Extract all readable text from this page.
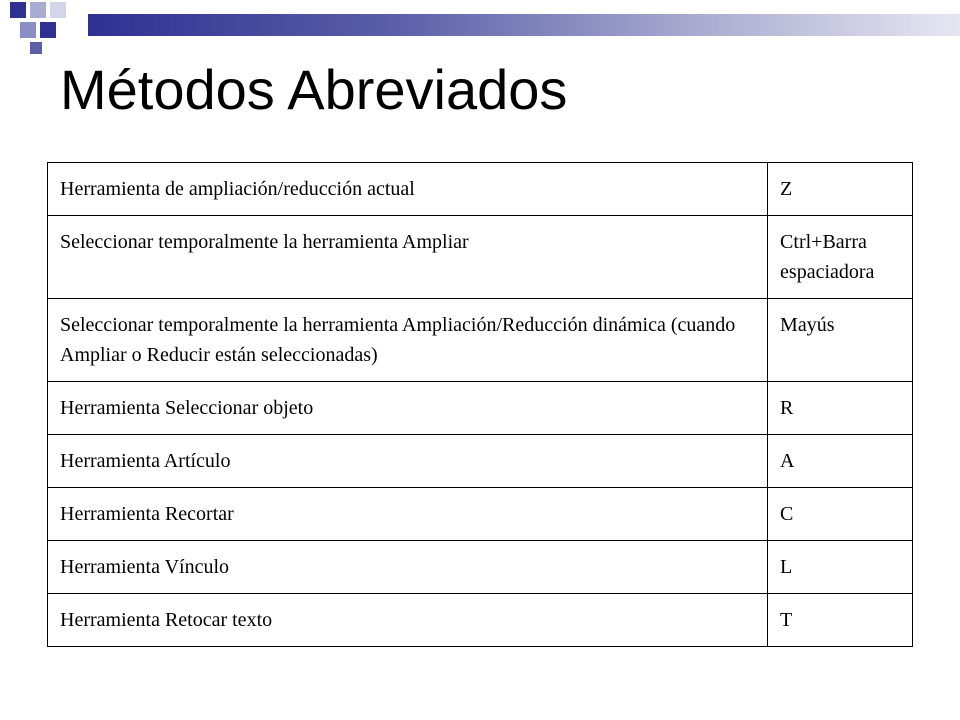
Métodos Abreviados
Herramienta de ampliación/reducción actual	Z
Seleccionar temporalmente la herramienta Ampliar	Ctrl+Barra espaciadora
Seleccionar temporalmente la herramienta Ampliación/Reducción dinámica (cuando Ampliar o Reducir están seleccionadas)	Mayús
Herramienta Seleccionar objeto	R
Herramienta Artículo	A
Herramienta Recortar	C
Herramienta Vínculo	L
Herramienta Retocar texto	T
